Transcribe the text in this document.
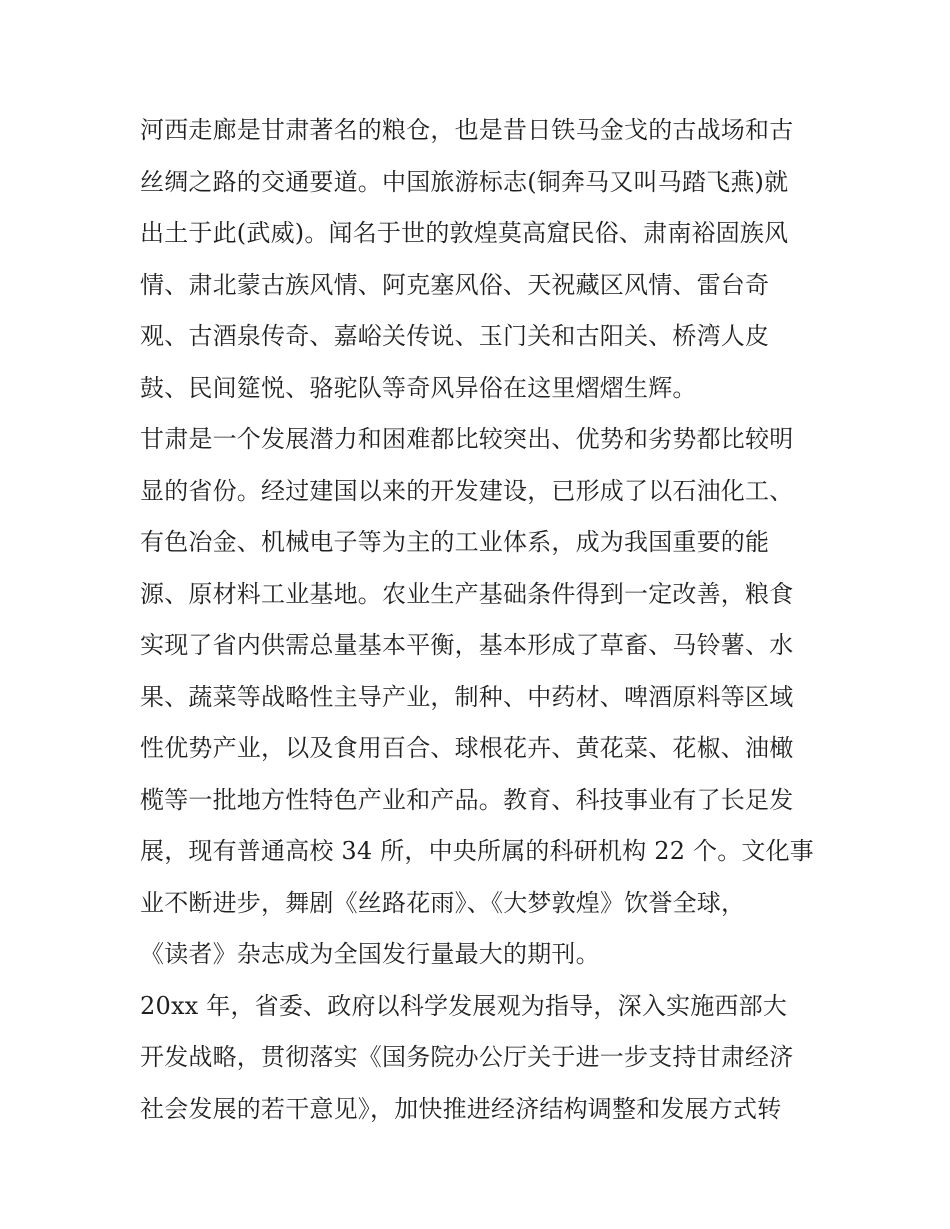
河西走廊是甘肃著名的粮仓，也是昔日铁马金戈的古战场和古
丝绸之路的交通要道。中国旅游标志(铜奔马又叫马踏飞燕)就
出土于此(武威)。闻名于世的敦煌莫高窟民俗、肃南裕固族风
情、肃北蒙古族风情、阿克塞风俗、天祝藏区风情、雷台奇
观、古酒泉传奇、嘉峪关传说、玉门关和古阳关、桥湾人皮
鼓、民间筵悦、骆驼队等奇风异俗在这里熠熠生辉。
甘肃是一个发展潜力和困难都比较突出、优势和劣势都比较明
显的省份。经过建国以来的开发建设，已形成了以石油化工、
有色冶金、机械电子等为主的工业体系，成为我国重要的能
源、原材料工业基地。农业生产基础条件得到一定改善，粮食
实现了省内供需总量基本平衡，基本形成了草畜、马铃薯、水
果、蔬菜等战略性主导产业，制种、中药材、啤酒原料等区域
性优势产业，以及食用百合、球根花卉、黄花菜、花椒、油橄
榄等一批地方性特色产业和产品。教育、科技事业有了长足发
展，现有普通高校 34 所，中央所属的科研机构 22 个。文化事
业不断进步，舞剧《丝路花雨》、《大梦敦煌》饮誉全球，
《读者》杂志成为全国发行量最大的期刊。
20xx 年，省委、政府以科学发展观为指导，深入实施西部大
开发战略，贯彻落实《国务院办公厅关于进一步支持甘肃经济
社会发展的若干意见》，加快推进经济结构调整和发展方式转
